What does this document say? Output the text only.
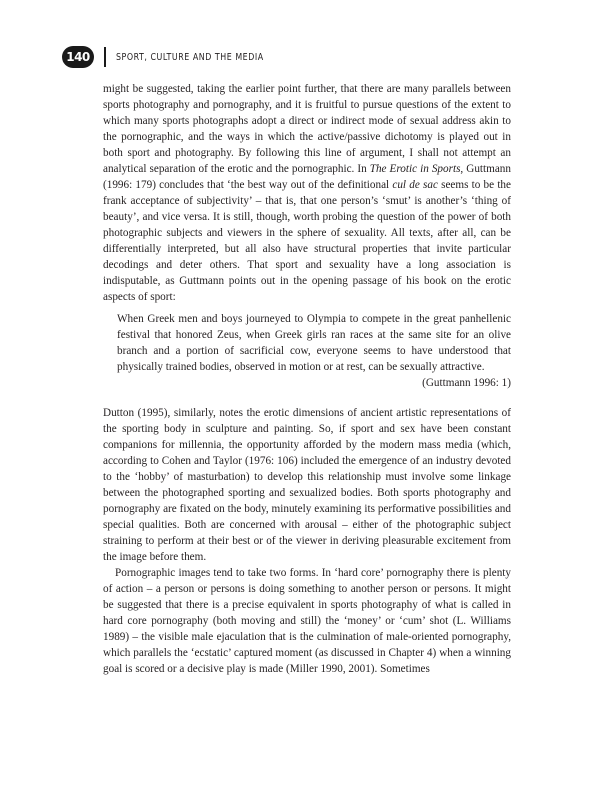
140	SPORT, CULTURE AND THE MEDIA

might be suggested, taking the earlier point further, that there are many parallels between sports photography and pornography, and it is fruitful to pursue questions of the extent to which many sports photographs adopt a direct or indirect mode of sexual address akin to the pornographic, and the ways in which the active/passive dichotomy is played out in both sport and photography. By following this line of argument, I shall not attempt an analytical separation of the erotic and the pornographic. In The Erotic in Sports, Guttmann (1996: 179) concludes that ‘the best way out of the definitional cul de sac seems to be the frank acceptance of subjectivity’ – that is, that one person’s ‘smut’ is another’s ‘thing of beauty’, and vice versa. It is still, though, worth probing the question of the power of both photographic subjects and viewers in the sphere of sexuality. All texts, after all, can be differentially interpreted, but all also have structural properties that invite particular decodings and deter others. That sport and sexuality have a long association is indisputable, as Guttmann points out in the opening passage of his book on the erotic aspects of sport:

When Greek men and boys journeyed to Olympia to compete in the great panhellenic festival that honored Zeus, when Greek girls ran races at the same site for an olive branch and a portion of sacrificial cow, everyone seems to have understood that physically trained bodies, observed in motion or at rest, can be sexually attractive.

(Guttmann 1996: 1)

Dutton (1995), similarly, notes the erotic dimensions of ancient artistic representations of the sporting body in sculpture and painting. So, if sport and sex have been constant companions for millennia, the opportunity afforded by the modern mass media (which, according to Cohen and Taylor (1976: 106) included the emergence of an industry devoted to the ‘hobby’ of masturbation) to develop this relationship must involve some linkage between the photographed sporting and sexualized bodies. Both sports photography and pornography are fixated on the body, minutely examining its performative possibilities and special qualities. Both are concerned with arousal – either of the photographic subject straining to perform at their best or of the viewer in deriving pleasurable excitement from the image before them.

Pornographic images tend to take two forms. In ‘hard core’ pornography there is plenty of action – a person or persons is doing something to another person or persons. It might be suggested that there is a precise equivalent in sports photography of what is called in hard core pornography (both moving and still) the ‘money’ or ‘cum’ shot (L. Williams 1989) – the visible male ejaculation that is the culmination of male-oriented pornography, which parallels the ‘ecstatic’ captured moment (as discussed in Chapter 4) when a winning goal is scored or a decisive play is made (Miller 1990, 2001). Sometimes
